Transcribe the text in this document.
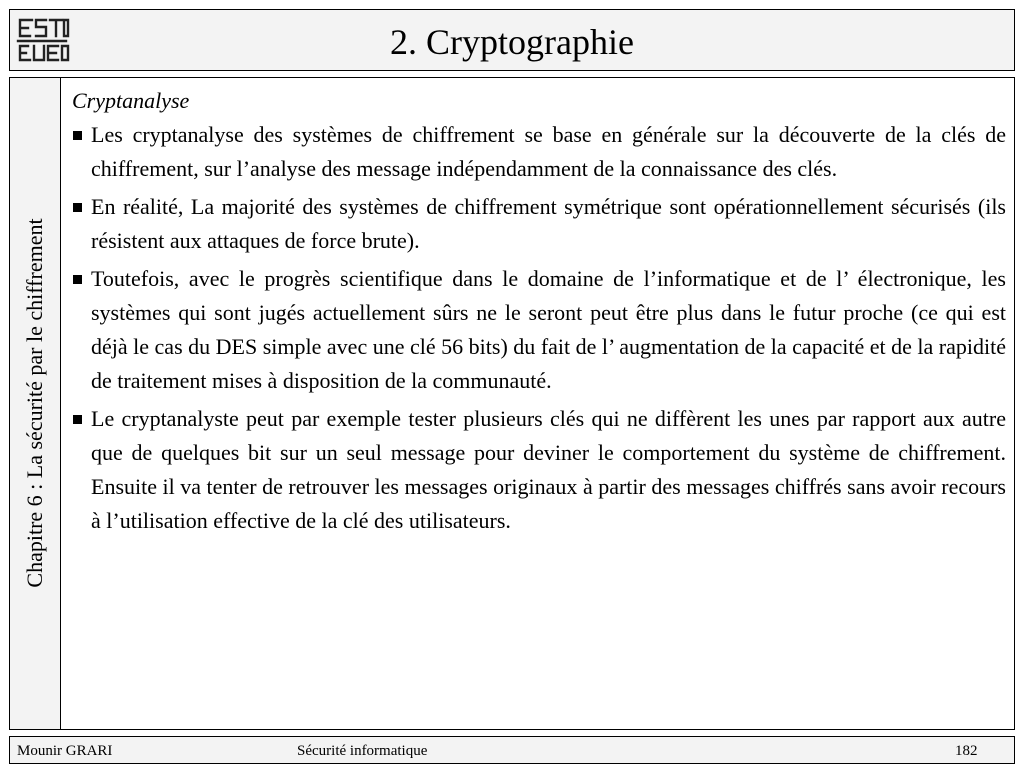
2. Cryptographie
Chapitre 6 : La sécurité par le chiffrement
Cryptanalyse
Les cryptanalyse des systèmes de chiffrement se base en générale sur la découverte de la clés de chiffrement, sur l’analyse des message indépendamment de la connaissance des clés.
En réalité, La majorité des systèmes de chiffrement symétrique sont opérationnellement sécurisés (ils résistent aux attaques de force brute).
Toutefois, avec le progrès scientifique dans le domaine de l’informatique et de l’ électronique, les systèmes qui sont jugés actuellement sûrs ne le seront peut être plus dans le futur proche (ce qui est déjà le cas du DES simple avec une clé 56 bits) du fait de l’ augmentation de la capacité et de la rapidité de traitement mises à disposition de la communauté.
Le cryptanalyste peut par exemple tester plusieurs clés qui ne diffèrent les unes par rapport aux autre que de quelques bit sur un seul message pour deviner le comportement du système de chiffrement. Ensuite il va tenter de retrouver les messages originaux à partir des messages chiffrés sans avoir recours à l’utilisation effective de la clé des utilisateurs.
Mounir GRARI	Sécurité informatique	182
